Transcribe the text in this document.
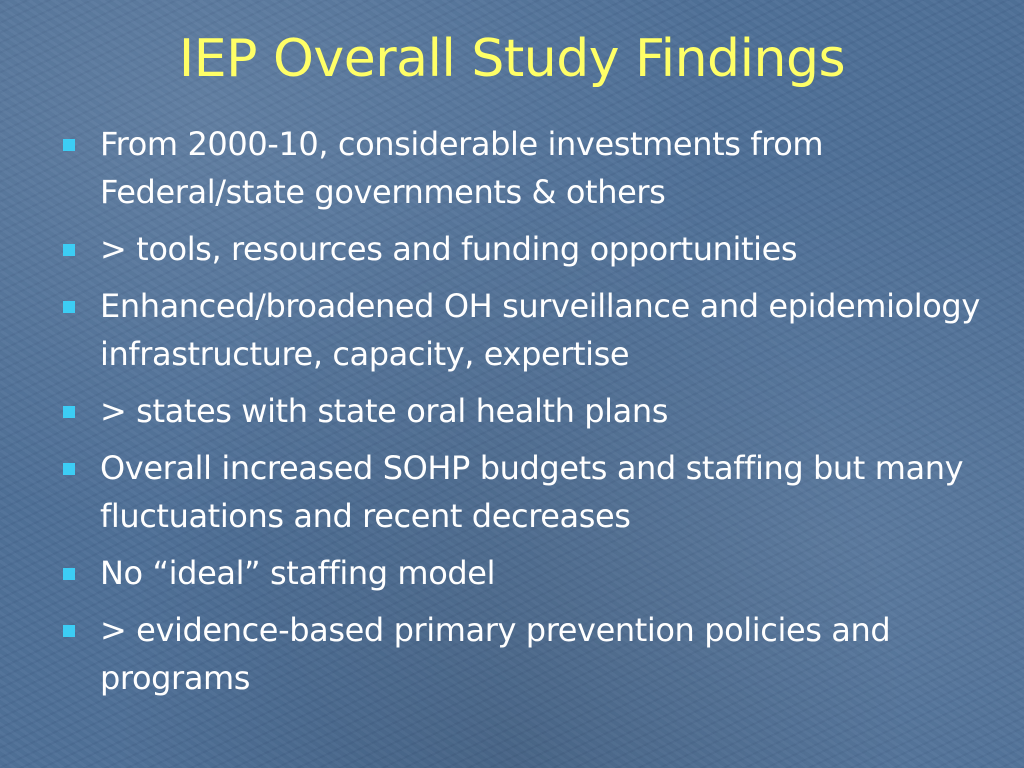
IEP Overall Study Findings
From 2000-10, considerable investments from Federal/state governments & others
> tools, resources and funding opportunities
Enhanced/broadened OH surveillance and epidemiology infrastructure, capacity, expertise
> states with state oral health plans
Overall increased SOHP budgets and staffing but many fluctuations and recent decreases
No “ideal” staffing model
> evidence-based primary prevention policies and programs
